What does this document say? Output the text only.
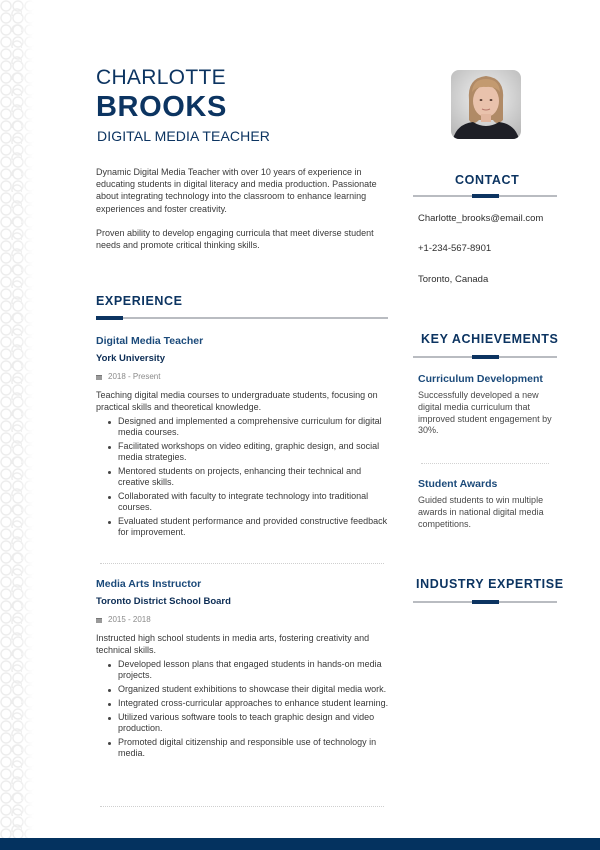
CHARLOTTE
BROOKS
DIGITAL MEDIA TEACHER

Dynamic Digital Media Teacher with over 10 years of experience in educating students in digital literacy and media production. Passionate about integrating technology into the classroom to enhance learning experiences and foster creativity.

Proven ability to develop engaging curricula that meet diverse student needs and promote critical thinking skills.

CONTACT
Charlotte_brooks@email.com
+1-234-567-8901
Toronto, Canada
EXPERIENCE
Digital Media Teacher
York University
2018 - Present
Teaching digital media courses to undergraduate students, focusing on practical skills and theoretical knowledge.
Designed and implemented a comprehensive curriculum for digital media courses.
Facilitated workshops on video editing, graphic design, and social media strategies.
Mentored students on projects, enhancing their technical and creative skills.
Collaborated with faculty to integrate technology into traditional courses.
Evaluated student performance and provided constructive feedback for improvement.
Media Arts Instructor
Toronto District School Board
2015 - 2018
Instructed high school students in media arts, fostering creativity and technical skills.
Developed lesson plans that engaged students in hands-on media projects.
Organized student exhibitions to showcase their digital media work.
Integrated cross-curricular approaches to enhance student learning.
Utilized various software tools to teach graphic design and video production.
Promoted digital citizenship and responsible use of technology in media.
KEY ACHIEVEMENTS
Curriculum Development
Successfully developed a new digital media curriculum that improved student engagement by 30%.
Student Awards
Guided students to win multiple awards in national digital media competitions.
INDUSTRY EXPERTISE
